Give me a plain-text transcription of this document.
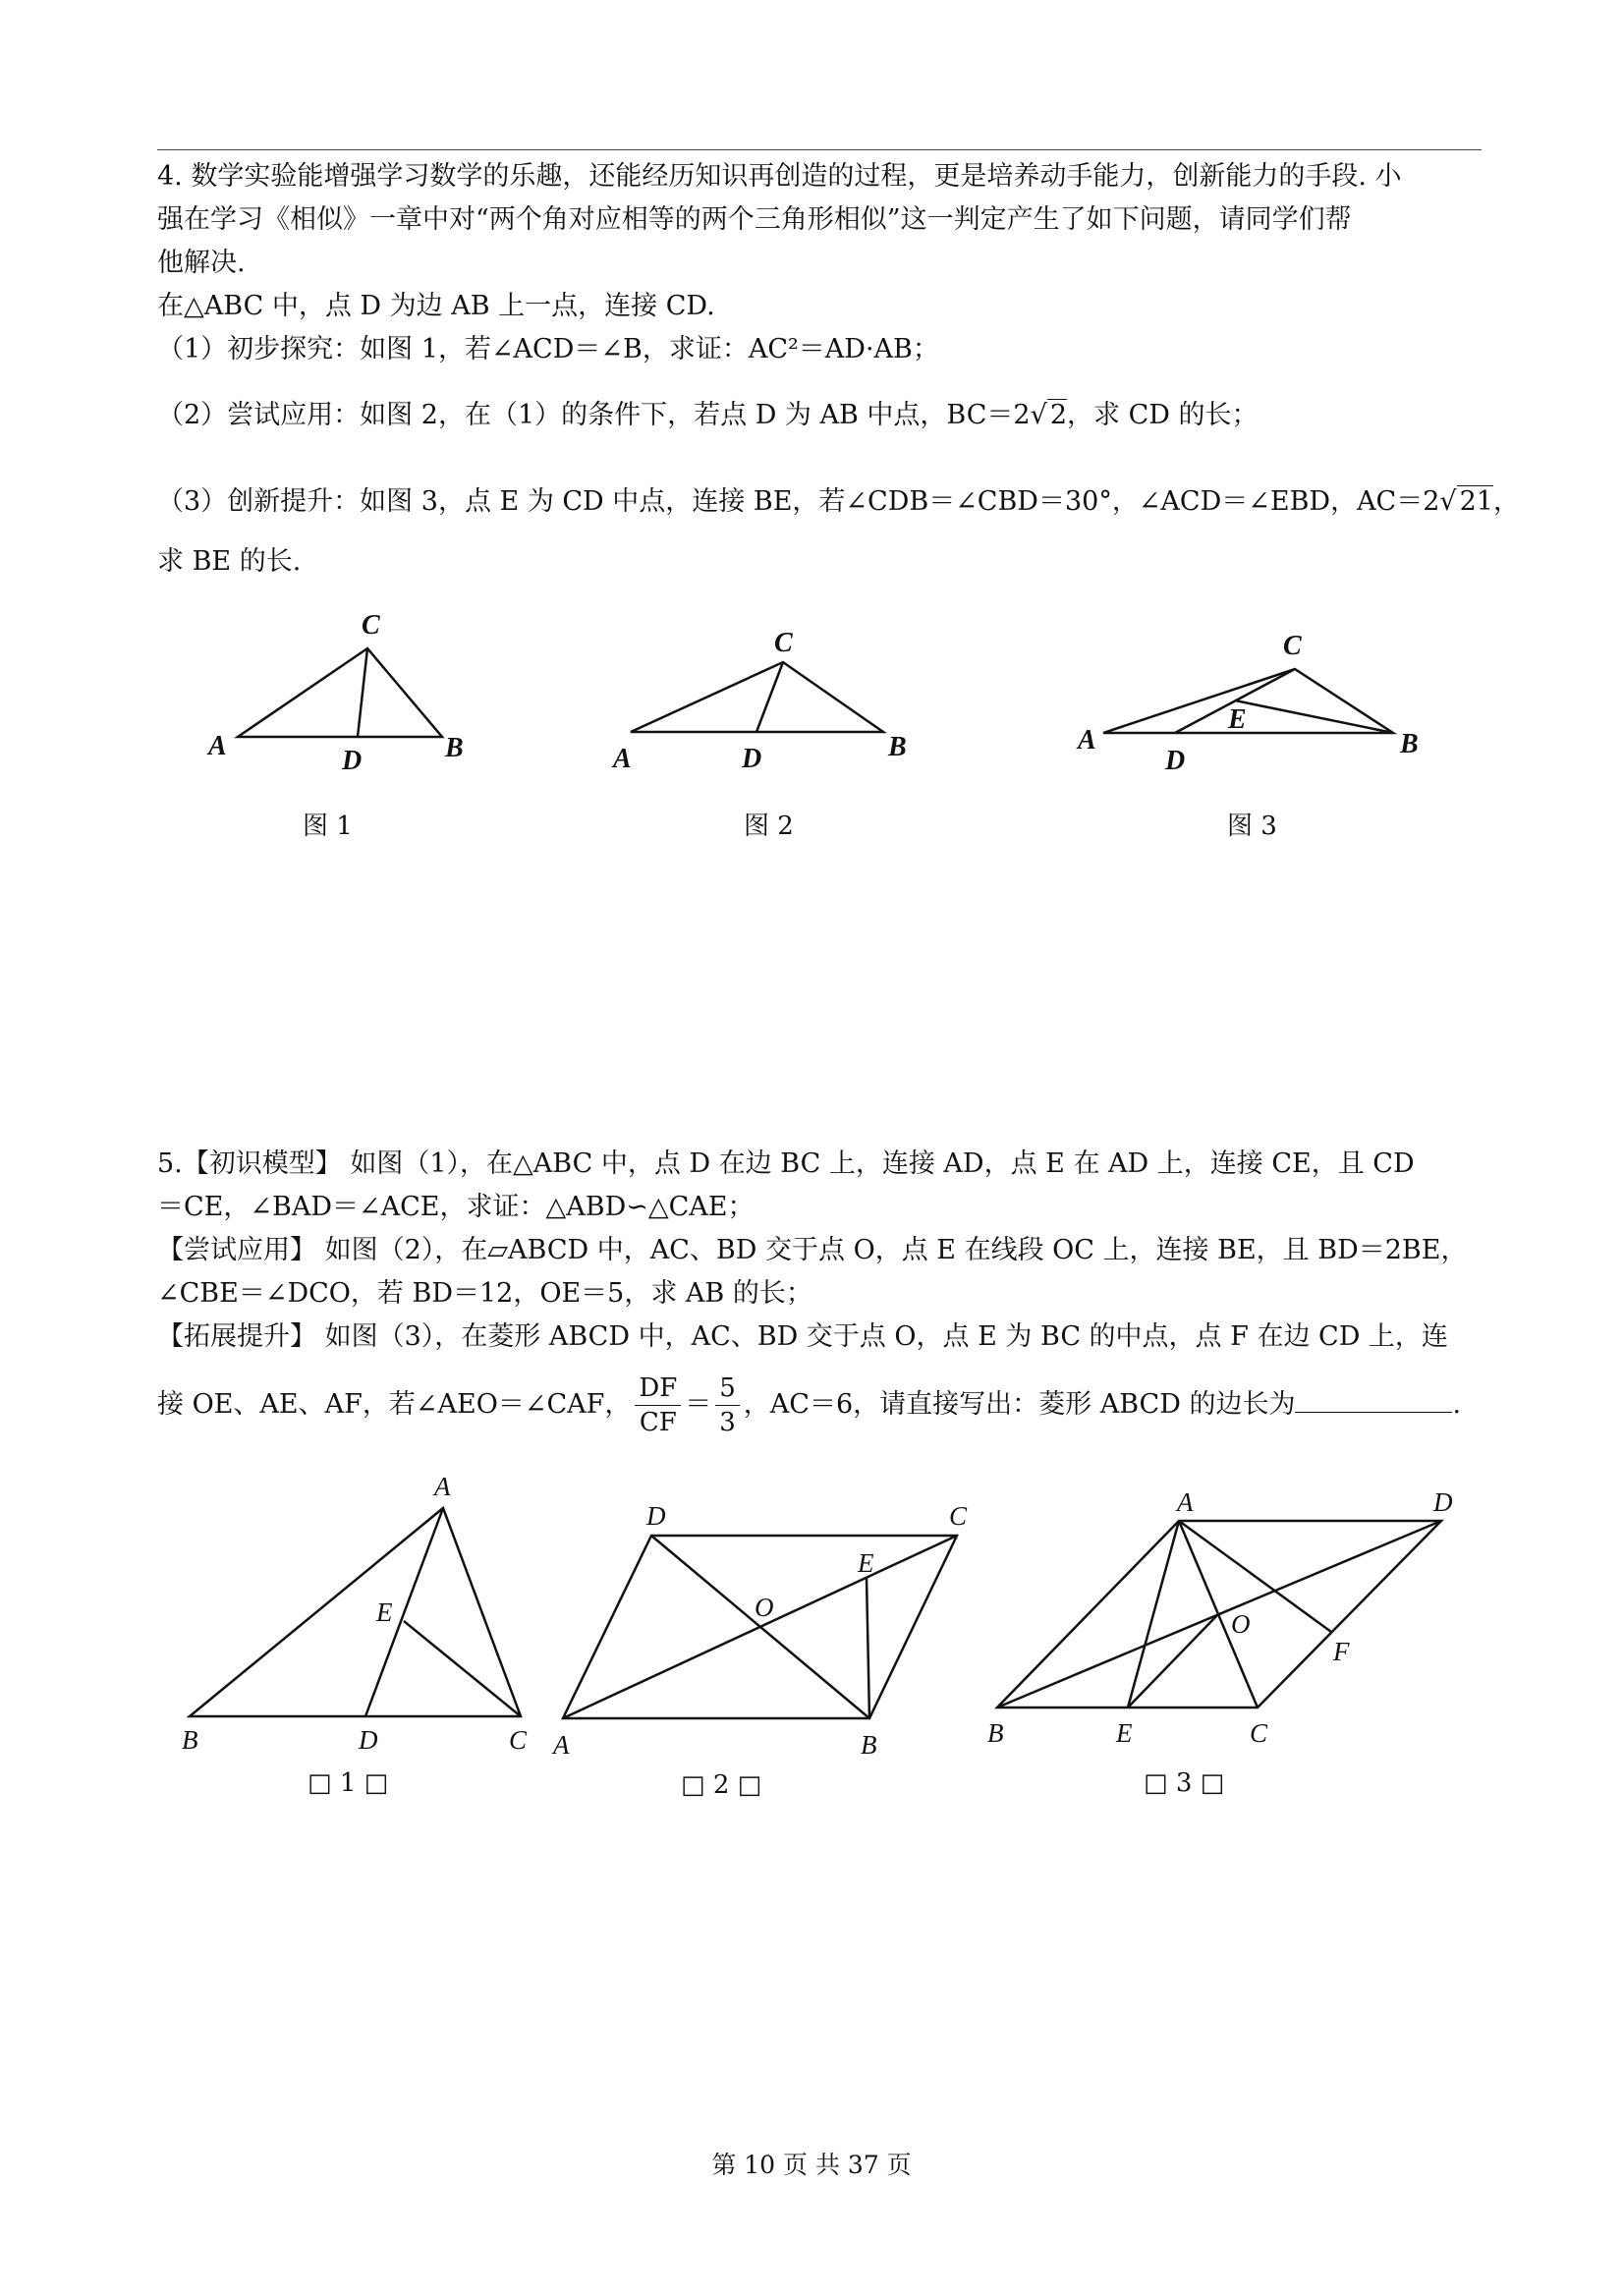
4. 数学实验能增强学习数学的乐趣，还能经历知识再创造的过程，更是培养动手能力，创新能力的手段. 小
强在学习《相似》一章中对“两个角对应相等的两个三角形相似”这一判定产生了如下问题，请同学们帮
他解决.
在△ABC 中，点 D 为边 AB 上一点，连接 CD.
（1）初步探究：如图 1，若∠ACD＝∠B，求证：AC²＝AD·AB；
（2）尝试应用：如图 2，在（1）的条件下，若点 D 为 AB 中点，BC＝2√ 2，求 CD 的长；
（3）创新提升：如图 3，点 E 为 CD 中点，连接 BE，若∠CDB＝∠CBD＝30°，∠ACD＝∠EBD，AC＝2√ 21，
求 BE 的长.
C
A	D	B
C
A	D	B
C
E
A
D
B
图 1	图 2	图 3
5.【初识模型】 如图（1），在△ABC 中，点 D 在边 BC 上，连接 AD，点 E 在 AD 上，连接 CE，且 CD
＝CE，∠BAD＝∠ACE，求证：△ABD∽△CAE；
【尝试应用】 如图（2），在▱ABCD 中，AC、BD 交于点 O，点 E 在线段 OC 上，连接 BE，且 BD＝2BE，
∠CBE＝∠DCO，若 BD＝12，OE＝5，求 AB 的长；
【拓展提升】 如图（3），在菱形 ABCD 中，AC、BD 交于点 O，点 E 为 BC 的中点，点 F 在边 CD 上，连
接 OE、AE、AF，若∠AEO＝∠CAF， $\frac{DF}{CF} = \frac{5}{3}$ ，AC＝6，请直接写出：菱形 ABCD 的边长为	.
A
E
B	D	C
D	C
E
O
A	B
A	D
O
F
B	E	C
□ 1 □	□ 2 □	□ 3 □
第 10 页 共 37 页
